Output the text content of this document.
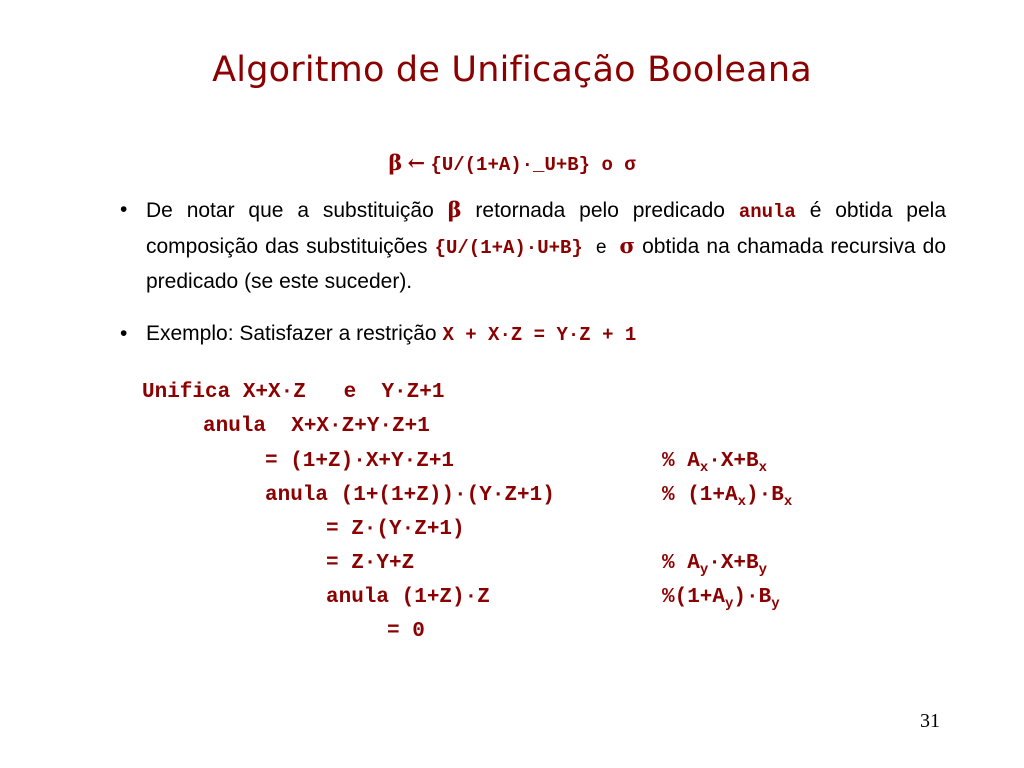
Algoritmo de Unificação Booleana
β ← {U/(1+A)·_U+B} o σ
• De notar que a substituição β retornada pelo predicado anula é obtida pela composição das substituições {U/(1+A)·U+B} e σ obtida na chamada recursiva do predicado (se este suceder).
• Exemplo: Satisfazer a restrição X + X·Z = Y·Z + 1
Unifica X+X·Z   e  Y·Z+1
anula  X+X·Z+Y·Z+1
= (1+Z)·X+Y·Z+1	% $A_x\cdot X+B_x$
anula (1+(1+Z))·(Y·Z+1)	% $(1+A_x)\cdot B_x$
= Z·(Y·Z+1)
= Z·Y+Z	% $A_y\cdot X+B_y$
anula (1+Z)·Z	$\%(1+A_y)\cdot B_y$
= 0
31
